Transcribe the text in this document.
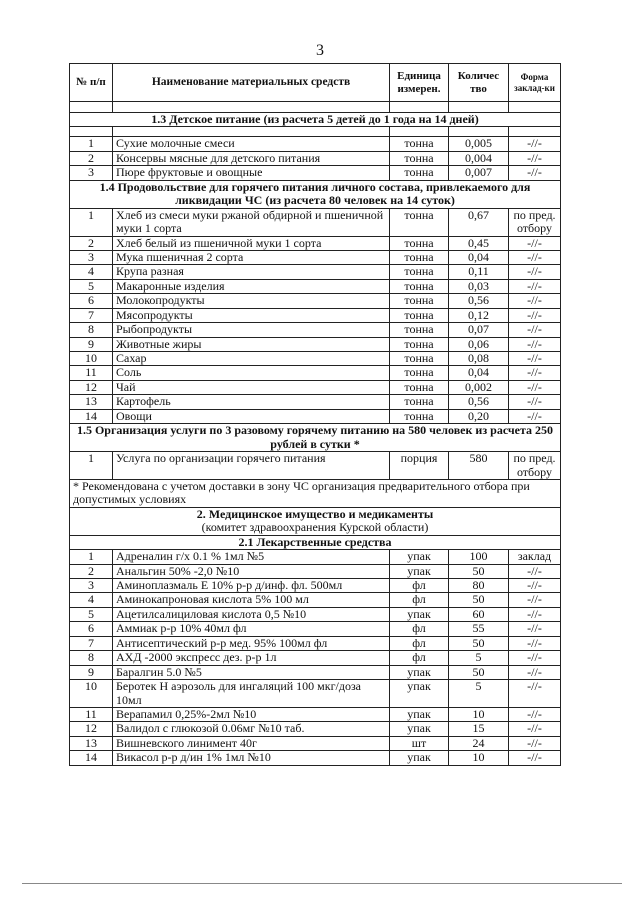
3
№ п/п	Наименование материальных средств	Единица измерен.	Количес тво	Форма заклад-ки

1.3 Детское питание (из расчета 5 детей до 1 года на 14 дней)				

1	Сухие молочные смеси	тонна	0,005	-//-
2	Консервы мясные для детского питания	тонна	0,004	-//-
3	Пюре фруктовые и овощные	тонна	0,007	-//-
1.4 Продовольствие для горячего питания личного состава, привлекаемого для ликвидации ЧС (из расчета 80 человек на 14 суток)				
1	Хлеб из смеси муки ржаной обдирной и пшеничной муки 1 сорта	тонна	0,67	по пред. отбору
2	Хлеб белый из пшеничной муки 1 сорта	тонна	0,45	-//-
3	Мука пшеничная 2 сорта	тонна	0,04	-//-
4	Крупа разная	тонна	0,11	-//-
5	Макаронные изделия	тонна	0,03	-//-
6	Молокопродукты	тонна	0,56	-//-
7	Мясопродукты	тонна	0,12	-//-
8	Рыбопродукты	тонна	0,07	-//-
9	Животные жиры	тонна	0,06	-//-
10	Сахар	тонна	0,08	-//-
11	Соль	тонна	0,04	-//-
12	Чай	тонна	0,002	-//-
13	Картофель	тонна	0,56	-//-
14	Овощи	тонна	0,20	-//-
1.5 Организация услуги по 3 разовому горячему питанию на 580 человек из расчета 250 рублей в сутки *				
1	Услуга по организации горячего питания	порция	580	по пред. отбору
* Рекомендована с учетом доставки в зону ЧС организация предварительного отбора при допустимых условиях				

2. Медицинское имущество и медикаменты
(комитет здравоохранения Курской области)				

2.1 Лекарственные средства				
1	Адреналин г/х 0.1 % 1мл №5	упак	100	заклад
2	Анальгин 50% -2,0 №10	упак	50	-//-
3	Аминоплазмаль Е 10% р-р д/инф. фл. 500мл	фл	80	-//-
4	Аминокапроновая кислота 5% 100 мл	фл	50	-//-
5	Ацетилсалициловая кислота 0,5 №10	упак	60	-//-
6	Аммиак р-р 10% 40мл фл	фл	55	-//-
7	Антисептический р-р мед. 95% 100мл фл	фл	50	-//-
8	АХД -2000 экспресс дез. р-р 1л	фл	5	-//-
9	Баралгин 5.0 №5	упак	50	-//-
10	Беротек Н аэрозоль для ингаляций 100 мкг/доза 10мл	упак	5	-//-
11	Верапамил 0,25%-2мл №10	упак	10	-//-
12	Валидол с глюкозой 0.06мг №10 таб.	упак	15	-//-
13	Вишневского линимент 40г	шт	24	-//-
14	Викасол р-р д/ин 1% 1мл №10	упак	10	-//-
